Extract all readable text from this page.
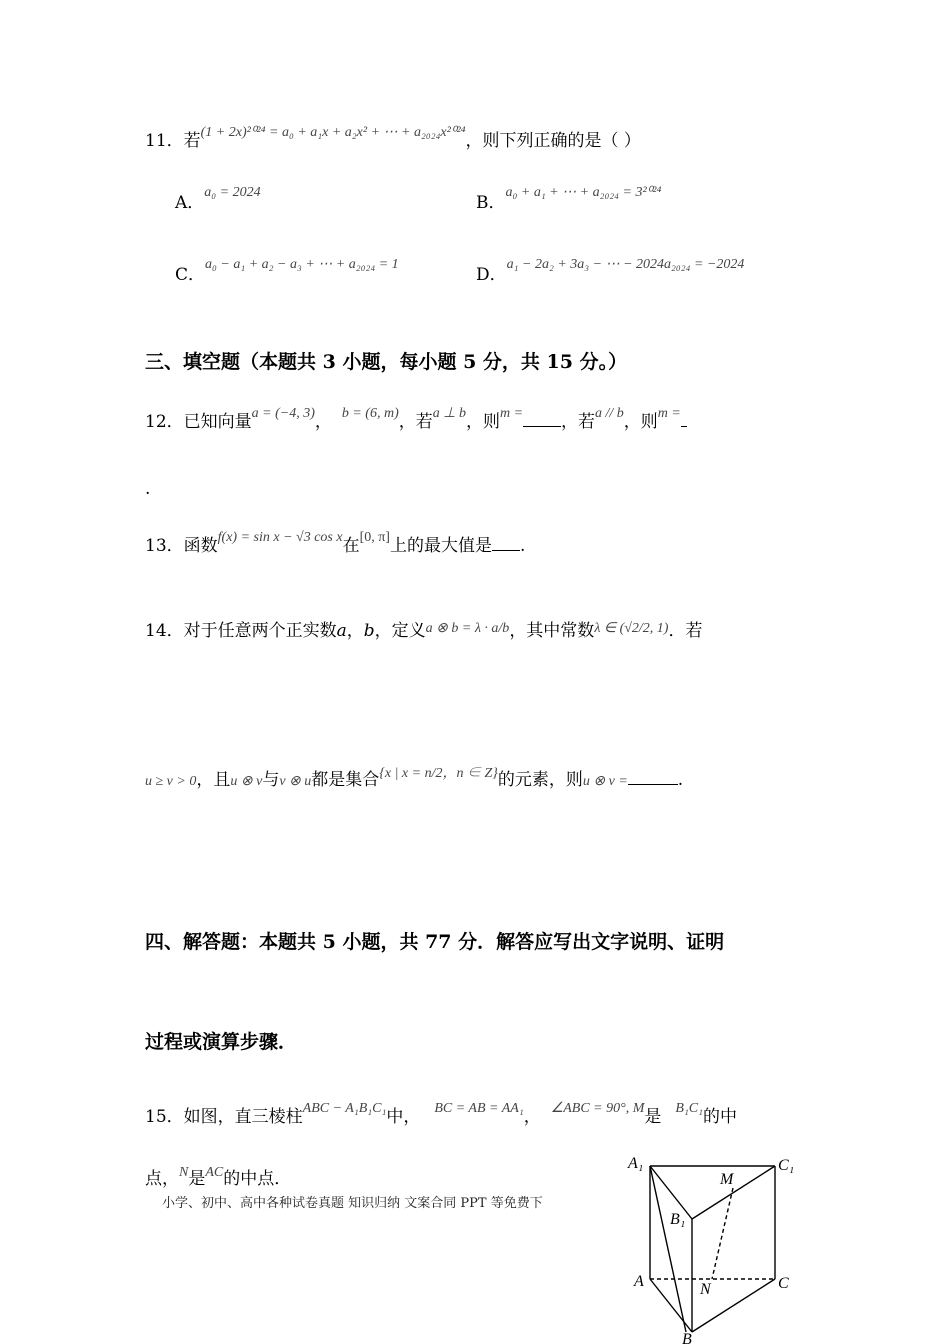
11．若$^{(1 + 2x)^{2024} = a_0 + a_1x + a_2x^2 + \cdots + a_{2024}x^{2024}}$，则下列正确的是（ ）
A．$^{a_0 = 2024}$
B．$^{a_0 + a_1 + \cdots + a_{2024} = 3^{2024}}$
C．$^{a_0 - a_1 + a_2 - a_3 + \cdots + a_{2024} = 1}$
D．$^{a_1 - 2a_2 + 3a_3 - \cdots - 2024a_{2024} = -2024}$
三、填空题（本题共 3 小题，每小题 5 分，共 15 分。）
12．已知向量$^{a = (-4, 3)}$， $^{b = (6, m)}$，若$^{a \perp b}$，则$^{m =}$ ，若$^{a // b}$，则$^{m =}$
.
13．函数$^{f(x) = sin x - √3 cos x}$在[0, π]上的最大值是 .
14．对于任意两个正实数a，b，定义$^{a \otimes b = \lambda \cdot a/b}$，其中常数$^{\lambda \in (√2/2, 1)}$．若
u ≥ v > 0，且u ⊗ v与v ⊗ u都是集合$^{\{x | x = n/2,n \in Z\}}$的元素，则u ⊗ v =	.
四、解答题：本题共 5 小题，共 77 分．解答应写出文字说明、证明
过程或演算步骤．
15．如图，直三棱柱$^{ABC - A_1B_1C_1}$中， $^{BC = AB = AA_1}$， $^{\angle ABC = 90^\circ, M}$是 $^{B_1C_1}$的中
点，$^N$是$^{AC}$的中点．
小学、初中、高中各种试卷真题 知识归纳 文案合同 PPT 等免费下
A₁	C₁
M
B₁
A	N	C
B
